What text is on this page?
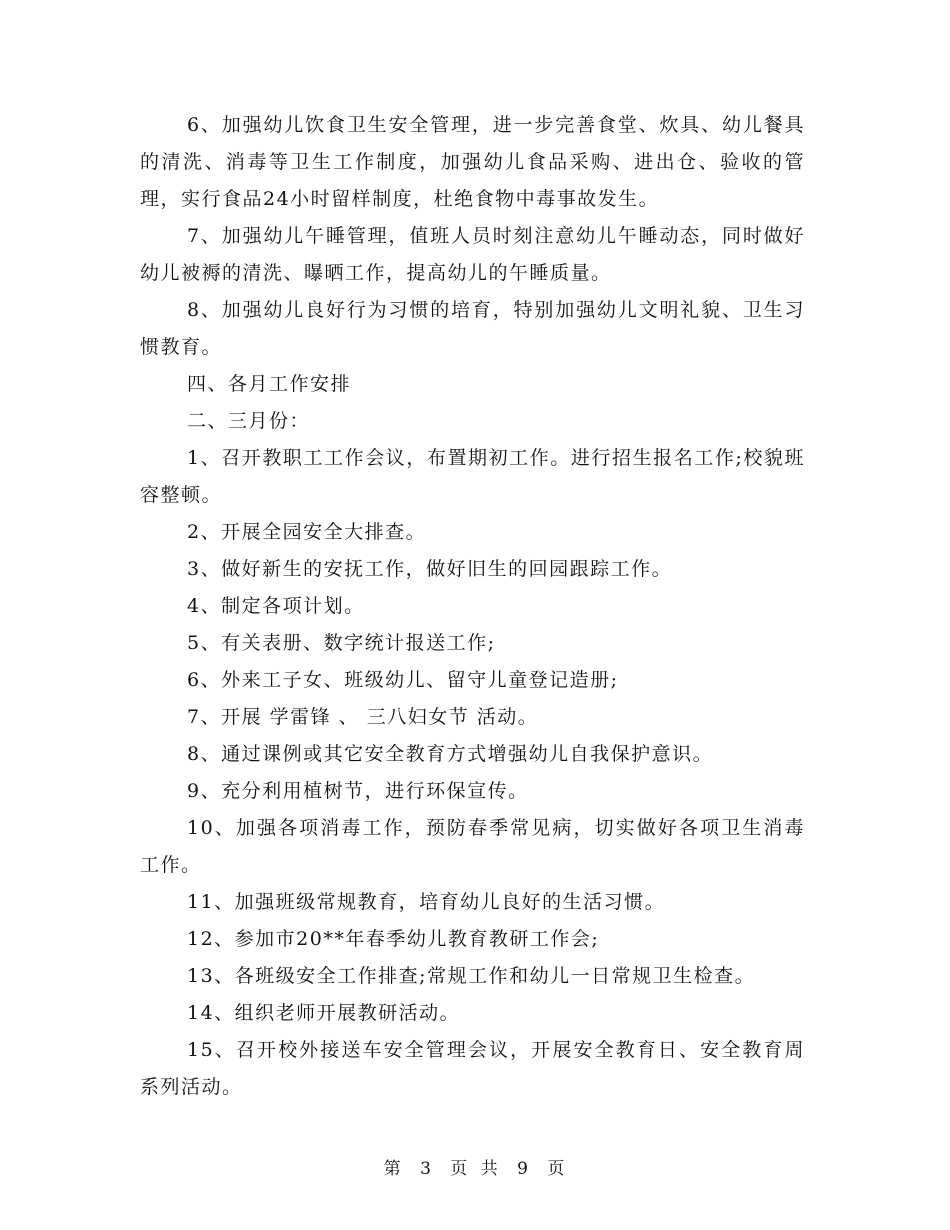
6、加强幼儿饮食卫生安全管理，进一步完善食堂、炊具、幼儿餐具的清洗、消毒等卫生工作制度，加强幼儿食品采购、进出仓、验收的管理，实行食品24小时留样制度，杜绝食物中毒事故发生。

7、加强幼儿午睡管理，值班人员时刻注意幼儿午睡动态，同时做好幼儿被褥的清洗、曝晒工作，提高幼儿的午睡质量。

8、加强幼儿良好行为习惯的培育，特别加强幼儿文明礼貌、卫生习惯教育。

四、各月工作安排

二、三月份：

1、召开教职工工作会议，布置期初工作。进行招生报名工作;校貌班容整顿。

2、开展全园安全大排查。

3、做好新生的安抚工作，做好旧生的回园跟踪工作。

4、制定各项计划。

5、有关表册、数字统计报送工作;

6、外来工子女、班级幼儿、留守儿童登记造册;

7、开展 学雷锋 、 三八妇女节 活动。

8、通过课例或其它安全教育方式增强幼儿自我保护意识。

9、充分利用植树节，进行环保宣传。

10、加强各项消毒工作，预防春季常见病，切实做好各项卫生消毒工作。

11、加强班级常规教育，培育幼儿良好的生活习惯。

12、参加市20**年春季幼儿教育教研工作会;

13、各班级安全工作排查;常规工作和幼儿一日常规卫生检查。

14、组织老师开展教研活动。

15、召开校外接送车安全管理会议，开展安全教育日、安全教育周系列活动。

第 3 页 共 9 页
